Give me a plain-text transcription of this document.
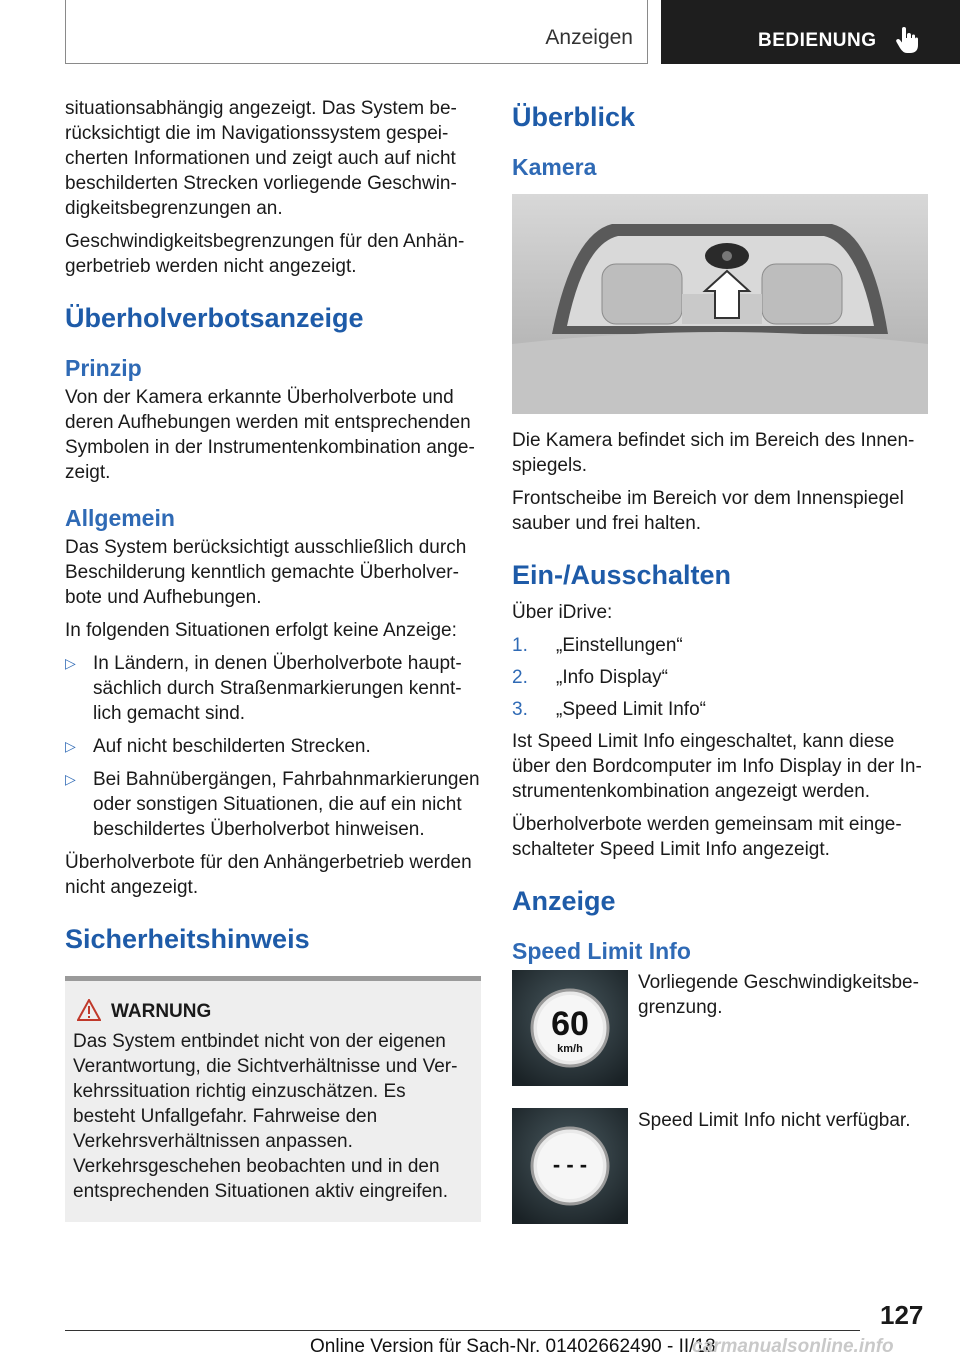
Anzeigen	BEDIENUNG

situationsabhängig angezeigt. Das System berücksichtigt die im Navigationssystem gespeicherten Informationen und zeigt auch auf nicht beschilderten Strecken vorliegende Geschwindigkeitsbegrenzungen an.

Geschwindigkeitsbegrenzungen für den Anhängerbetrieb werden nicht angezeigt.

Überholverbotsanzeige
Prinzip

Von der Kamera erkannte Überholverbote und deren Aufhebungen werden mit entsprechenden Symbolen in der Instrumentenkombination angezeigt.

Allgemein

Das System berücksichtigt ausschließlich durch Beschilderung kenntlich gemachte Überholverbote und Aufhebungen.

In folgenden Situationen erfolgt keine Anzeige:

▷ In Ländern, in denen Überholverbote hauptsächlich durch Straßenmarkierungen kenntlich gemacht sind.
▷ Auf nicht beschilderten Strecken.
▷ Bei Bahnübergängen, Fahrbahnmarkierungen oder sonstigen Situationen, die auf ein nicht beschildertes Überholverbot hinweisen.

Überholverbote für den Anhängerbetrieb werden nicht angezeigt.

Sicherheitshinweis
WARNUNG

Das System entbindet nicht von der eigenen Verantwortung, die Sichtverhältnisse und Verkehrssituation richtig einzuschätzen. Es besteht Unfallgefahr. Fahrweise den Verkehrsverhältnissen anpassen. Verkehrsgeschehen beobachten und in den entsprechenden Situationen aktiv eingreifen.

Überblick
Kamera

Die Kamera befindet sich im Bereich des Innenspiegels.

Frontscheibe im Bereich vor dem Innenspiegel sauber und frei halten.

Ein-/Ausschalten

Über iDrive:

1. „Einstellungen“
2. „Info Display“
3. „Speed Limit Info“

Ist Speed Limit Info eingeschaltet, kann diese über den Bordcomputer im Info Display in der Instrumentenkombination angezeigt werden.

Überholverbote werden gemeinsam mit eingeschalteter Speed Limit Info angezeigt.

Anzeige
Speed Limit Info
60
km/h
Vorliegende Geschwindigkeitsbegrenzung.
- - -
Speed Limit Info nicht verfügbar.
127
Online Version für Sach-Nr. 01402662490 - II/18
carmanualsonline.info
